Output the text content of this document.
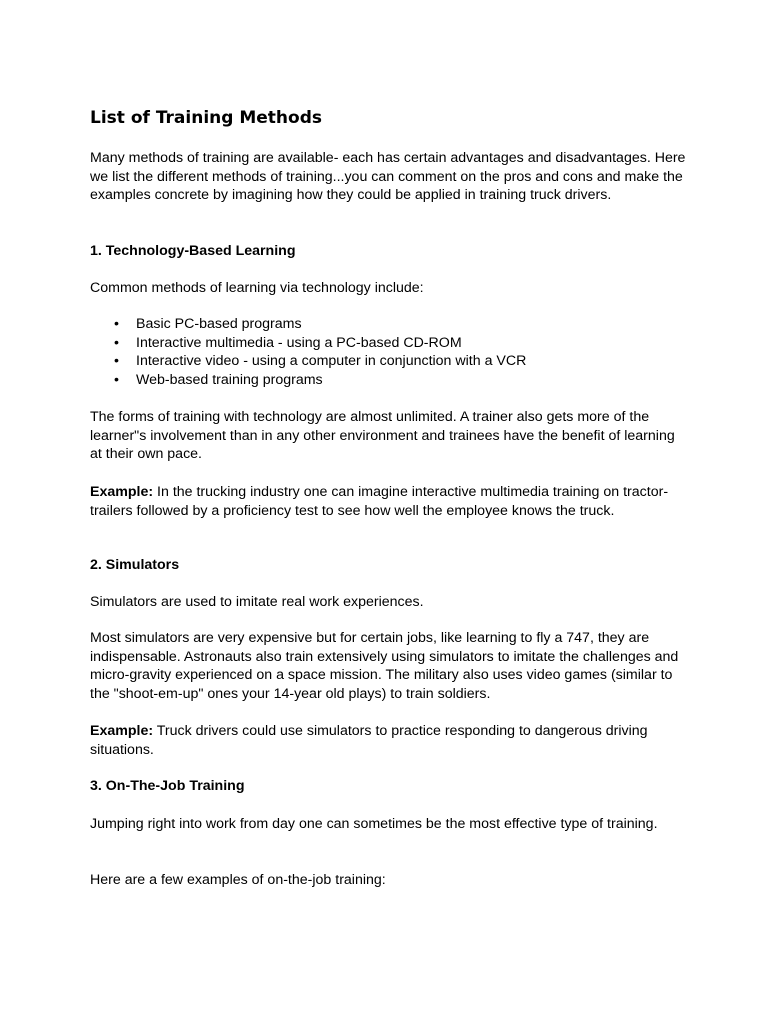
List of Training Methods

Many methods of training are available- each has certain advantages and disadvantages. Here we list the different methods of training...you can comment on the pros and cons and make the examples concrete by imagining how they could be applied in training truck drivers.

1. Technology-Based Learning

Common methods of learning via technology include:

• Basic PC-based programs
• Interactive multimedia - using a PC-based CD-ROM
• Interactive video - using a computer in conjunction with a VCR
• Web-based training programs

The forms of training with technology are almost unlimited. A trainer also gets more of the learner"s involvement than in any other environment and trainees have the benefit of learning at their own pace.

Example: In the trucking industry one can imagine interactive multimedia training on tractor-trailers followed by a proficiency test to see how well the employee knows the truck.

2. Simulators

Simulators are used to imitate real work experiences.

Most simulators are very expensive but for certain jobs, like learning to fly a 747, they are indispensable. Astronauts also train extensively using simulators to imitate the challenges and micro-gravity experienced on a space mission. The military also uses video games (similar to the "shoot-em-up" ones your 14-year old plays) to train soldiers.

Example: Truck drivers could use simulators to practice responding to dangerous driving situations.

3. On-The-Job Training

Jumping right into work from day one can sometimes be the most effective type of training.

Here are a few examples of on-the-job training:
